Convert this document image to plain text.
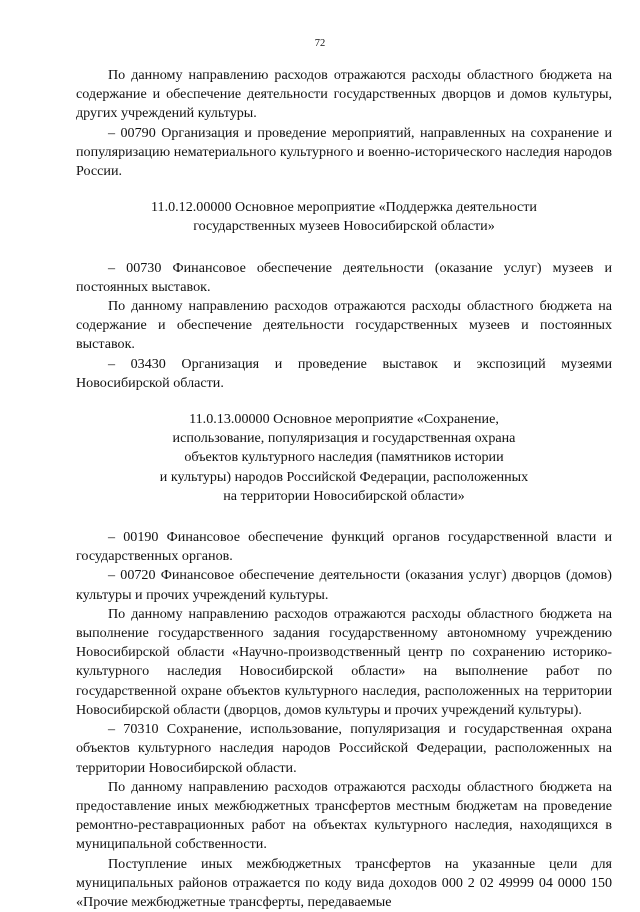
72

По данному направлению расходов отражаются расходы областного бюджета на содержание и обеспечение деятельности государственных дворцов и домов культуры, других учреждений культуры.

– 00790 Организация и проведение мероприятий, направленных на сохранение и популяризацию нематериального культурного и военно-исторического наследия народов России.

11.0.12.00000 Основное мероприятие «Поддержка деятельности
государственных музеев Новосибирской области»

– 00730 Финансовое обеспечение деятельности (оказание услуг) музеев и постоянных выставок.

По данному направлению расходов отражаются расходы областного бюджета на содержание и обеспечение деятельности государственных музеев и постоянных выставок.

– 03430 Организация и проведение выставок и экспозиций музеями Новосибирской области.

11.0.13.00000 Основное мероприятие «Сохранение,
использование, популяризация и государственная охрана
объектов культурного наследия (памятников истории
и культуры) народов Российской Федерации, расположенных
на территории Новосибирской области»

– 00190 Финансовое обеспечение функций органов государственной власти и государственных органов.

– 00720 Финансовое обеспечение деятельности (оказания услуг) дворцов (домов) культуры и прочих учреждений культуры.

По данному направлению расходов отражаются расходы областного бюджета на выполнение государственного задания государственному автономному учреждению Новосибирской области «Научно-производственный центр по сохранению историко-культурного наследия Новосибирской области» на выполнение работ по государственной охране объектов культурного наследия, расположенных на территории Новосибирской области (дворцов, домов культуры и прочих учреждений культуры).

– 70310 Сохранение, использование, популяризация и государственная охрана объектов культурного наследия народов Российской Федерации, расположенных на территории Новосибирской области.

По данному направлению расходов отражаются расходы областного бюджета на предоставление иных межбюджетных трансфертов местным бюджетам на проведение ремонтно-реставрационных работ на объектах культурного наследия, находящихся в муниципальной собственности.

Поступление иных межбюджетных трансфертов на указанные цели для муниципальных районов отражается по коду вида доходов 000 2 02 49999 04 0000 150 «Прочие межбюджетные трансферты, передаваемые
